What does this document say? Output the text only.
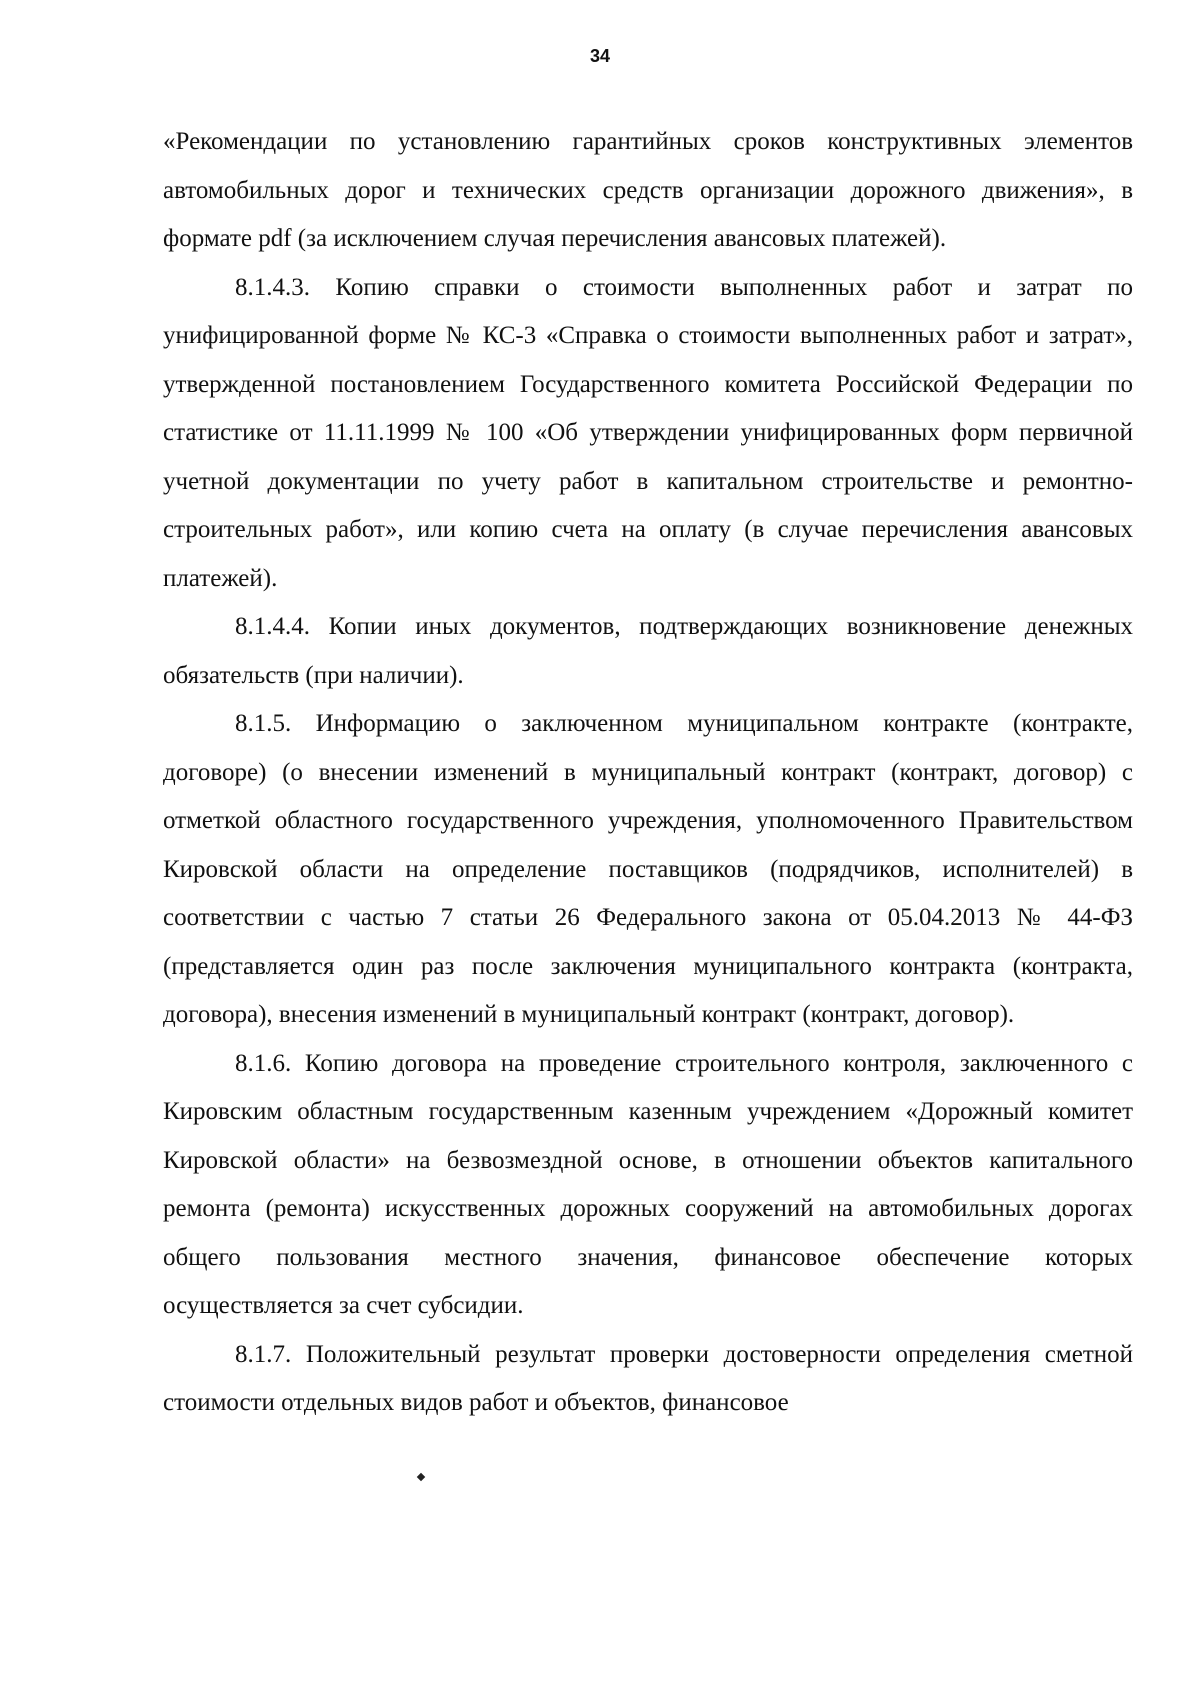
34

«Рекомендации по установлению гарантийных сроков конструктивных элементов автомобильных дорог и технических средств организации дорожного движения», в формате pdf (за исключением случая перечисления авансовых платежей).

8.1.4.3. Копию справки о стоимости выполненных работ и затрат по унифицированной форме № КС-3 «Справка о стоимости выполненных работ и затрат», утвержденной постановлением Государственного комитета Российской Федерации по статистике от 11.11.1999 № 100 «Об утверждении унифицированных форм первичной учетной документации по учету работ в капитальном строительстве и ремонтно-строительных работ», или копию счета на оплату (в случае перечисления авансовых платежей).

8.1.4.4. Копии иных документов, подтверждающих возникновение денежных обязательств (при наличии).

8.1.5. Информацию о заключенном муниципальном контракте (контракте, договоре) (о внесении изменений в муниципальный контракт (контракт, договор) с отметкой областного государственного учреждения, уполномоченного Правительством Кировской области на определение поставщиков (подрядчиков, исполнителей) в соответствии с частью 7 статьи 26 Федерального закона от 05.04.2013 № 44-ФЗ (представляется один раз после заключения муниципального контракта (контракта, договора), внесения изменений в муниципальный контракт (контракт, договор).

8.1.6. Копию договора на проведение строительного контроля, заключенного с Кировским областным государственным казенным учреждением «Дорожный комитет Кировской области» на безвозмездной основе, в отношении объектов капитального ремонта (ремонта) искусственных дорожных сооружений на автомобильных дорогах общего пользования местного значения, финансовое обеспечение которых осуществляется за счет субсидии.

8.1.7. Положительный результат проверки достоверности определения сметной стоимости отдельных видов работ и объектов, финансовое
